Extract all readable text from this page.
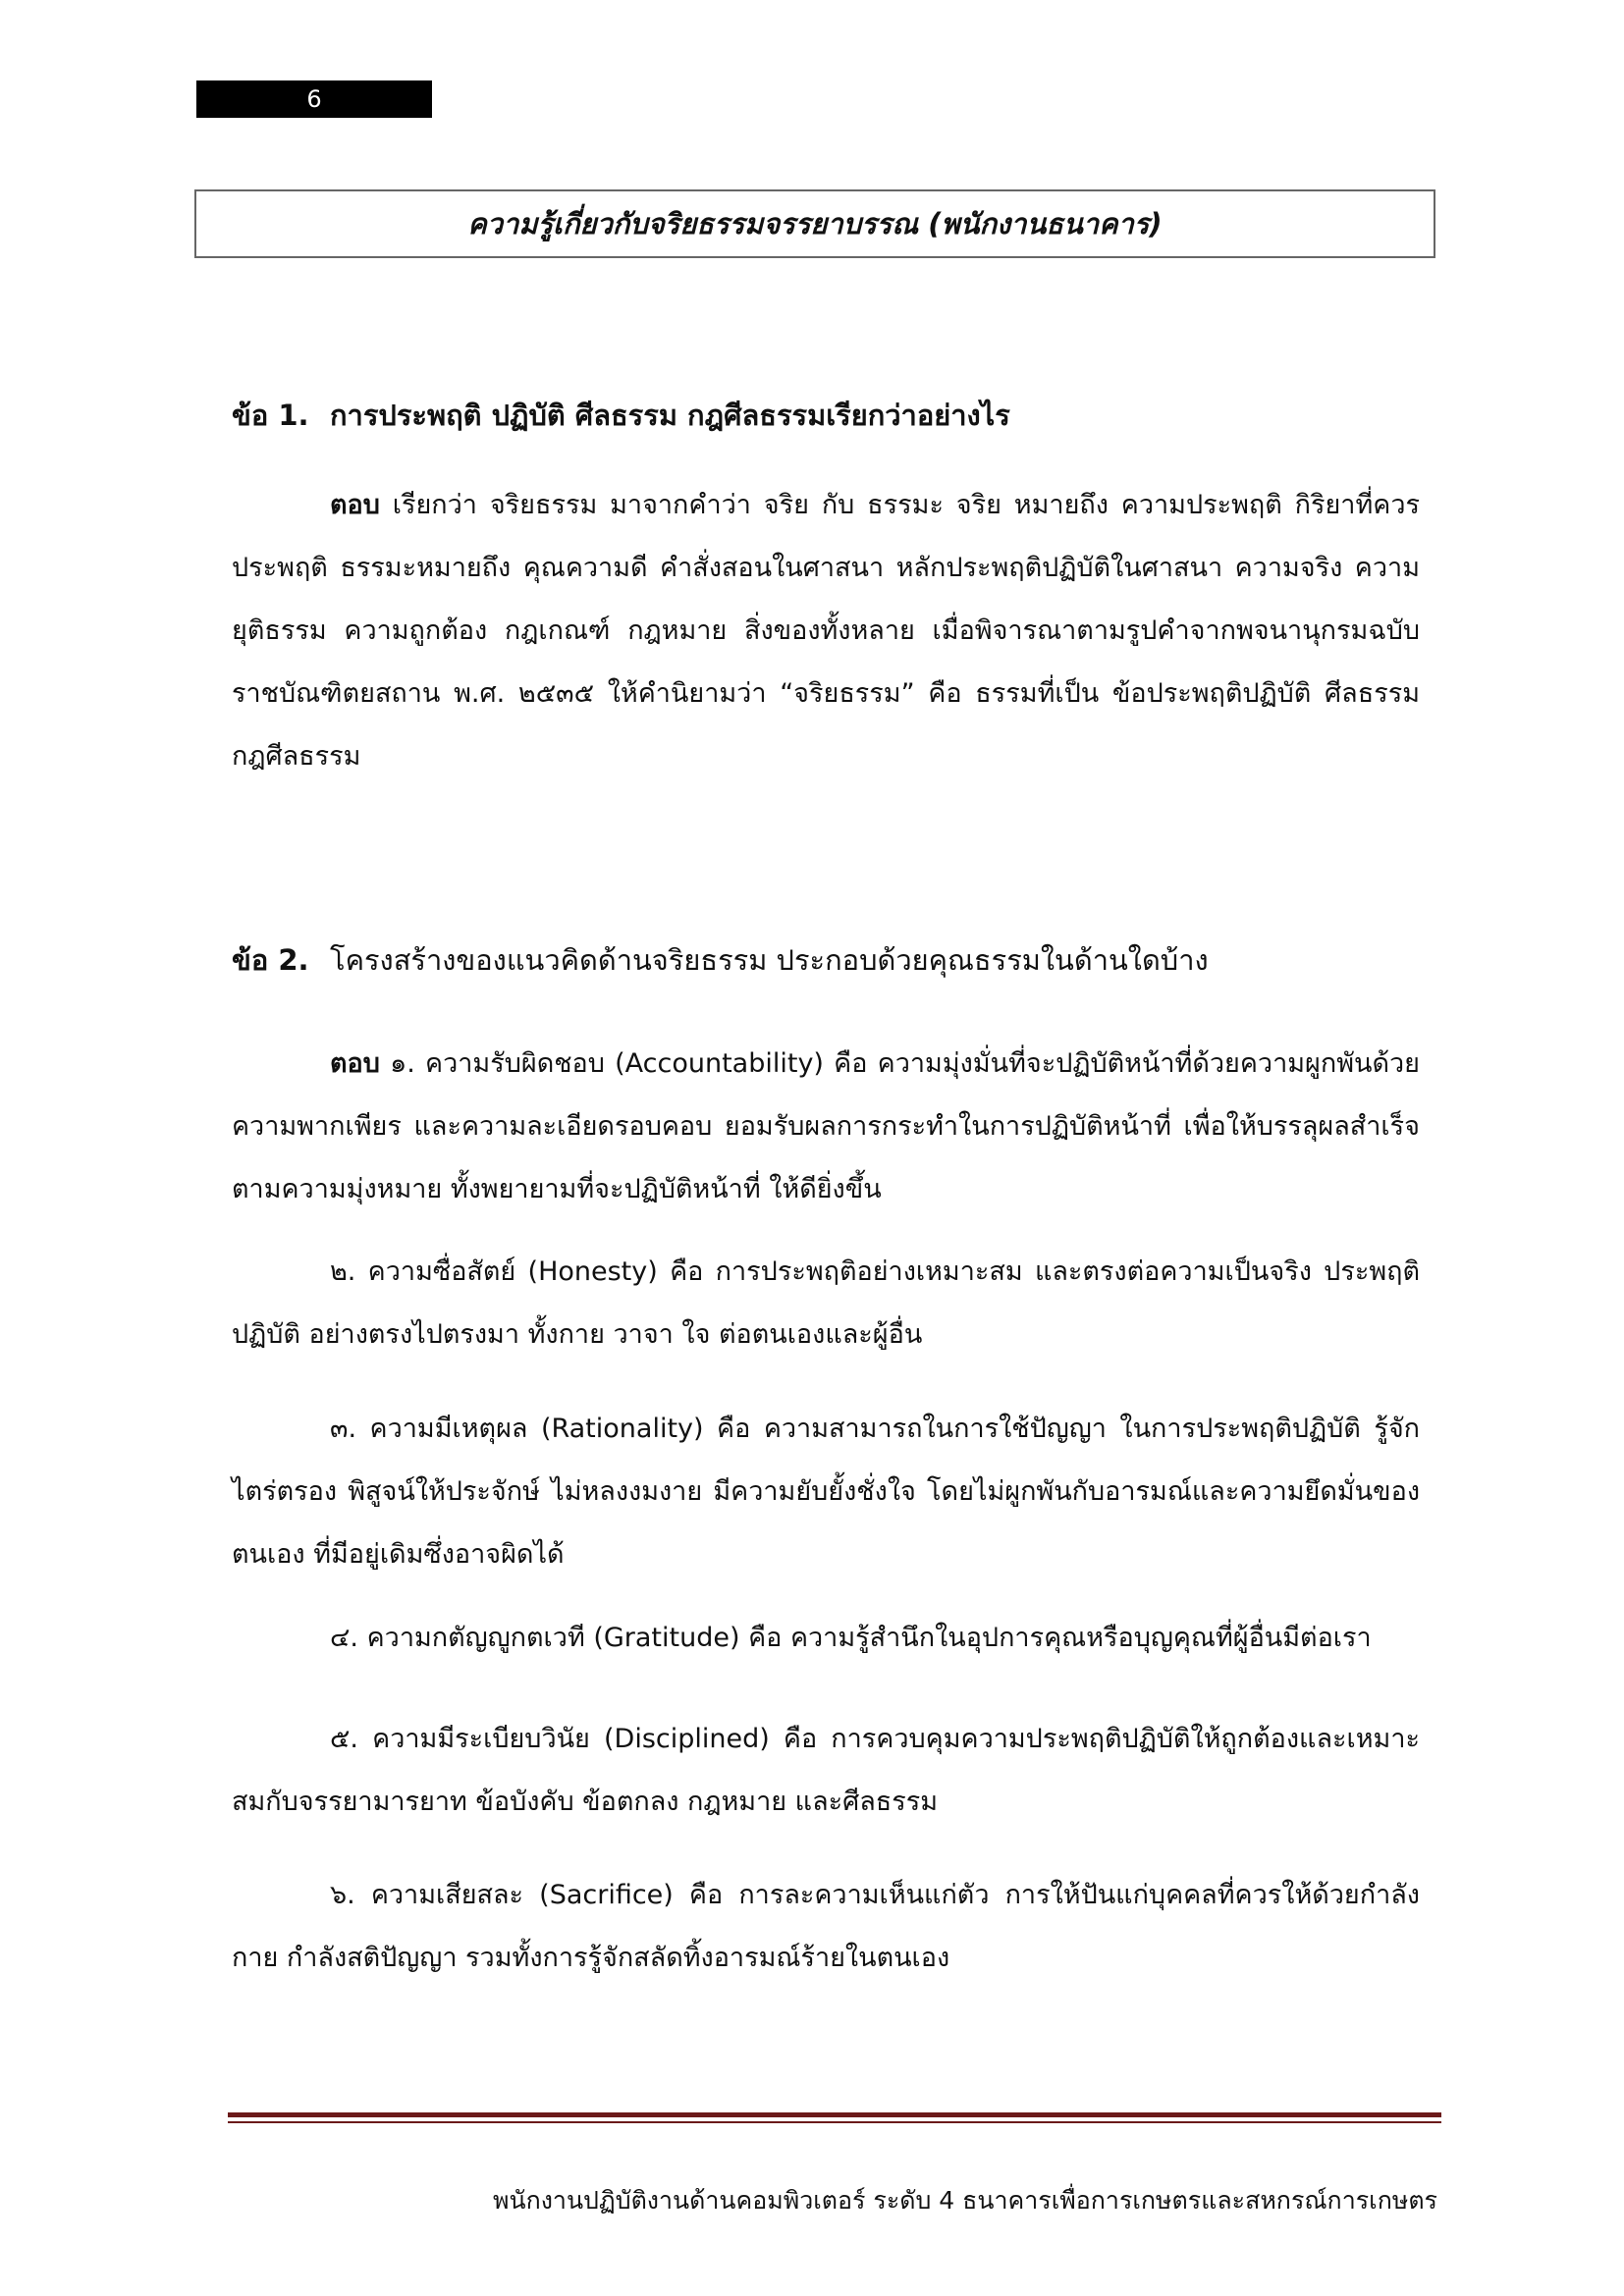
6
ความรู้เกี่ยวกับจริยธรรมจรรยาบรรณ (พนักงานธนาคาร)
ข้อ 1. การประพฤติ ปฏิบัติ ศีลธรรม กฎศีลธรรมเรียกว่าอย่างไร
ตอบ เรียกว่า จริยธรรม มาจากคำว่า จริย กับ ธรรมะ จริย หมายถึง ความประพฤติ กิริยาที่ควรประพฤติ ธรรมะหมายถึง คุณความดี คำสั่งสอนในศาสนา หลักประพฤติปฏิบัติในศาสนา ความจริง ความยุติธรรม ความถูกต้อง กฎเกณฑ์ กฎหมาย สิ่งของทั้งหลาย เมื่อพิจารณาตามรูปคำจากพจนานุกรมฉบับราชบัณฑิตยสถาน พ.ศ. ๒๕๓๕ ให้คำนิยามว่า “จริยธรรม” คือ ธรรมที่เป็น ข้อประพฤติปฏิบัติ ศีลธรรม กฎศีลธรรม
ข้อ 2. โครงสร้างของแนวคิดด้านจริยธรรม ประกอบด้วยคุณธรรมในด้านใดบ้าง
ตอบ ๑. ความรับผิดชอบ (Accountability) คือ ความมุ่งมั่นที่จะปฏิบัติหน้าที่ด้วยความผูกพันด้วยความพากเพียร และความละเอียดรอบคอบ ยอมรับผลการกระทำในการปฏิบัติหน้าที่ เพื่อให้บรรลุผลสำเร็จตามความมุ่งหมาย ทั้งพยายามที่จะปฏิบัติหน้าที่ ให้ดียิ่งขึ้น
๒. ความซื่อสัตย์ (Honesty) คือ การประพฤติอย่างเหมาะสม และตรงต่อความเป็นจริง ประพฤติปฏิบัติ อย่างตรงไปตรงมา ทั้งกาย วาจา ใจ ต่อตนเองและผู้อื่น
๓. ความมีเหตุผล (Rationality) คือ ความสามารถในการใช้ปัญญา ในการประพฤติปฏิบัติ รู้จักไตร่ตรอง พิสูจน์ให้ประจักษ์ ไม่หลงงมงาย มีความยับยั้งชั่งใจ โดยไม่ผูกพันกับอารมณ์และความยึดมั่นของตนเอง ที่มีอยู่เดิมซึ่งอาจผิดได้
๔. ความกตัญญูกตเวที (Gratitude) คือ ความรู้สำนึกในอุปการคุณหรือบุญคุณที่ผู้อื่นมีต่อเรา
๕. ความมีระเบียบวินัย (Disciplined) คือ การควบคุมความประพฤติปฏิบัติให้ถูกต้องและเหมาะสมกับจรรยามารยาท ข้อบังคับ ข้อตกลง กฎหมาย และศีลธรรม
๖. ความเสียสละ (Sacrifice) คือ การละความเห็นแก่ตัว การให้ปันแก่บุคคลที่ควรให้ด้วยกำลังกาย กำลังสติปัญญา รวมทั้งการรู้จักสลัดทิ้งอารมณ์ร้ายในตนเอง
พนักงานปฏิบัติงานด้านคอมพิวเตอร์ ระดับ 4 ธนาคารเพื่อการเกษตรและสหกรณ์การเกษตร
